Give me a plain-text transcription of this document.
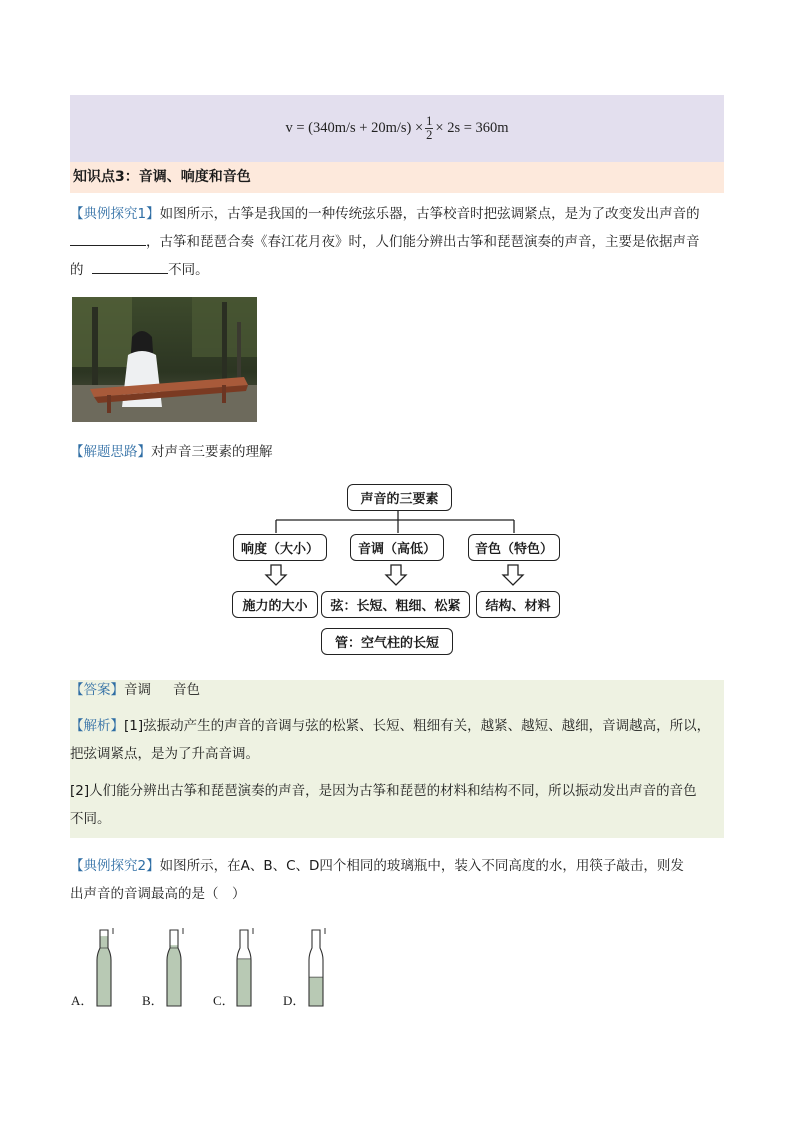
$v = (340m/s + 20m/s) \times \frac{1}{2} \times 2s = 360m$
知识点3：音调、响度和音色
【典例探究1】如图所示，古筝是我国的一种传统弦乐器，古筝校音时把弦调紧点，是为了改变发出声音的
，古筝和琵琶合奏《春江花月夜》时，人们能分辨出古筝和琵琶演奏的声音，主要是依据声音
的	不同。
【解题思路】对声音三要素的理解
声音的三要素
响度（大小）	音调（高低）	音色（特色）
施力的大小	弦：长短、粗细、松紧	结构、材料
管：空气柱的长短
【答案】音调 音色
【解析】[1]弦振动产生的声音的音调与弦的松紧、长短、粗细有关，越紧、越短、越细，音调越高，所以，
把弦调紧点，是为了升高音调。
[2]人们能分辨出古筝和琵琶演奏的声音，是因为古筝和琵琶的材料和结构不同，所以振动发出声音的音色
不同。
【典例探究2】如图所示，在A、B、C、D四个相同的玻璃瓶中，装入不同高度的水，用筷子敲击，则发
出声音的音调最高的是（　）
A．	B．	C．	D．
